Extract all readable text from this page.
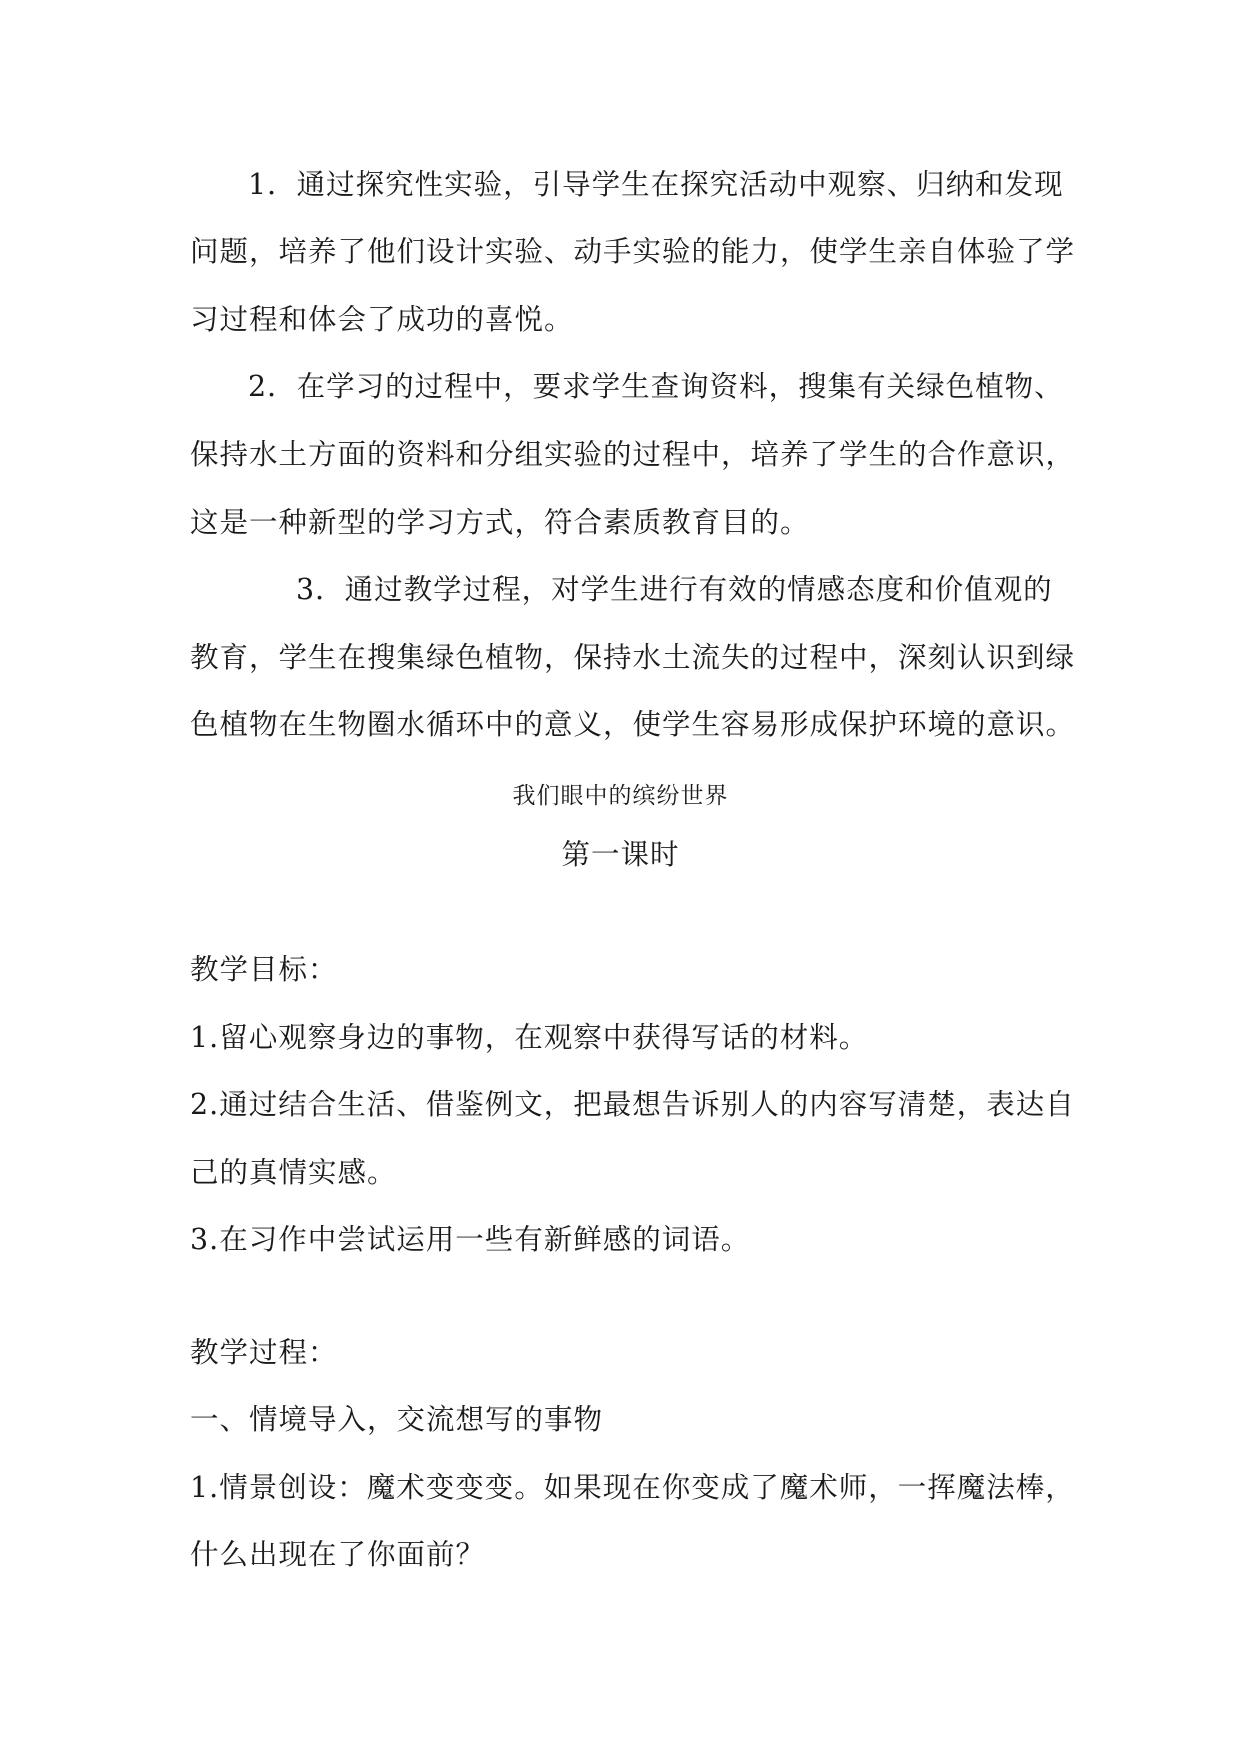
1．通过探究性实验，引导学生在探究活动中观察、归纳和发现
问题，培养了他们设计实验、动手实验的能力，使学生亲自体验了学
习过程和体会了成功的喜悦。
2．在学习的过程中，要求学生查询资料，搜集有关绿色植物、
保持水土方面的资料和分组实验的过程中，培养了学生的合作意识，
这是一种新型的学习方式，符合素质教育目的。
3．通过教学过程，对学生进行有效的情感态度和价值观的
教育，学生在搜集绿色植物，保持水土流失的过程中，深刻认识到绿
色植物在生物圈水循环中的意义，使学生容易形成保护环境的意识。
我们眼中的缤纷世界
第一课时
教学目标：
1.留心观察身边的事物，在观察中获得写话的材料。
2.通过结合生活、借鉴例文，把最想告诉别人的内容写清楚，表达自
己的真情实感。
3.在习作中尝试运用一些有新鲜感的词语。
教学过程：
一、情境导入，交流想写的事物
1.情景创设：魔术变变变。如果现在你变成了魔术师，一挥魔法棒，
什么出现在了你面前？
